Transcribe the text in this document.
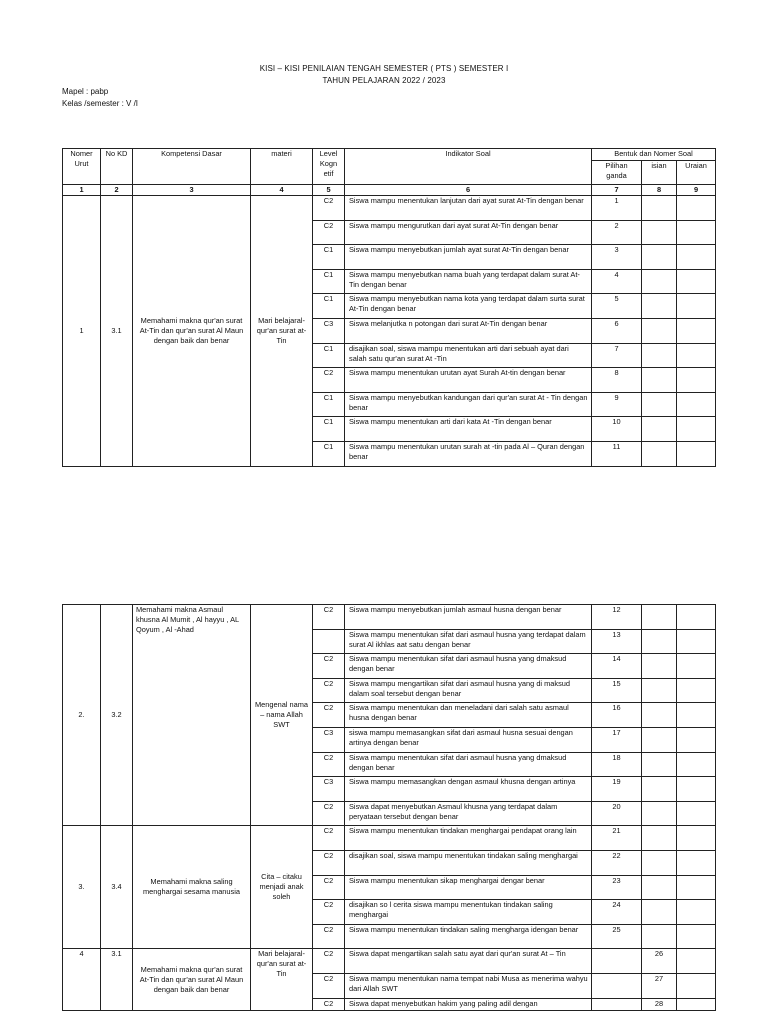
KISI – KISI PENILAIAN TENGAH SEMESTER ( PTS ) SEMESTER I
TAHUN PELAJARAN 2022 / 2023
Mapel : pabp
Kelas /semester : V /I
Nomer Urut	No KD	Kompetensi Dasar	materi	Level Kogn etif	Indikator Soal	Bentuk dan Nomer Soal		
						Pilihan ganda	isian	Uraian
1	2	3	4	5	6	7	8	9
1	3.1	Memahami makna qur'an surat At-Tin dan qur'an surat Al Maun dengan baik dan benar	Mari belajaral-qur'an surat at- Tin	C2	Siswa mampu menentukan lanjutan dari ayat surat At-Tin dengan benar	1		
				C2	Siswa mampu mengurutkan dari ayat surat At-Tin dengan benar	2		
				C1	Siswa mampu menyebutkan jumlah ayat surat At-Tin dengan benar	3		
				C1	Siswa mampu menyebutkan nama buah yang terdapat dalam surat At-Tin dengan benar	4		
				C1	Siswa mampu menyebutkan nama kota yang terdapat dalam surta surat At-Tin dengan benar	5		
				C3	Siswa melanjutka n potongan dari surat At-Tin dengan benar	6		
				C1	disajikan soal, siswa mampu menentukan arti dari sebuah ayat dari salah satu qur'an surat At -Tin	7		
				C2	Siswa mampu menentukan urutan ayat Surah At-tin dengan benar	8		
				C1	Siswa mampu menyebutkan kandungan dari qur'an surat At - Tin dengan benar	9		
				C1	Siswa mampu menentukan arti dari kata At -Tin dengan benar	10		
				C1	Siswa mampu menentukan urutan surah at -tin pada Al – Quran dengan benar	11		
2.	3.2	Memahami makna Asmaul khusna Al Mumit , Al hayyu , AL Qoyum , Al -Ahad	Mengenal nama – nama Allah SWT	C2	Siswa mampu menyebutkan jumlah asmaul husna dengan benar	12		
					Siswa mampu menentukan sifat dari asmaul husna yang terdapat dalam surat Al ikhlas aat satu dengan benar	13		
				C2	Siswa mampu menentukan sifat dari asmaul husna yang dmaksud dengan benar	14		
				C2	Siswa mampu mengartikan sifat dari asmaul husna yang di maksud dalam soal tersebut dengan benar	15		
				C2	Siswa mampu menentukan dan meneladani dari salah satu asmaul husna dengan benar	16		
				C3	siswa mampu memasangkan sifat dari asmaul husna sesuai dengan artinya dengan benar	17		
				C2	Siswa mampu menentukan sifat dari asmaul husna yang dmaksud dengan benar	18		
				C3	Siswa mampu memasangkan dengan asmaul khusna dengan artinya	19		
				C2	Siswa dapat menyebutkan Asmaul khusna yang terdapat dalam peryataan tersebut dengan benar	20		
3.	3.4	Memahami makna saling menghargai sesama manusia	Cita – citaku menjadi anak soleh	C2	Siswa mampu menentukan tindakan menghargai pendapat orang lain	21		
				C2	disajikan soal, siswa mampu menentukan tindakan saling menghargai	22		
				C2	Siswa mampu menentukan sikap menghargai dengar benar	23		
				C2	disajikan so l cerita siswa mampu menentukan tindakan saling menghargai	24		
				C2	Siswa mampu menentukan tindakan saling mengharga idengan benar	25		
4	3.1	Memahami makna qur'an surat At-Tin dan qur'an surat Al Maun dengan baik dan benar	Mari belajaral-qur'an surat at- Tin	C2	Siswa dapat mengartikan salah satu ayat dari qur'an surat At – Tin		26	
				C2	Siswa mampu menentukan nama tempat nabi Musa as menerima wahyu dari Allah SWT		27	
				C2	Siswa dapat menyebutkan hakim yang paling adil dengan		28	
